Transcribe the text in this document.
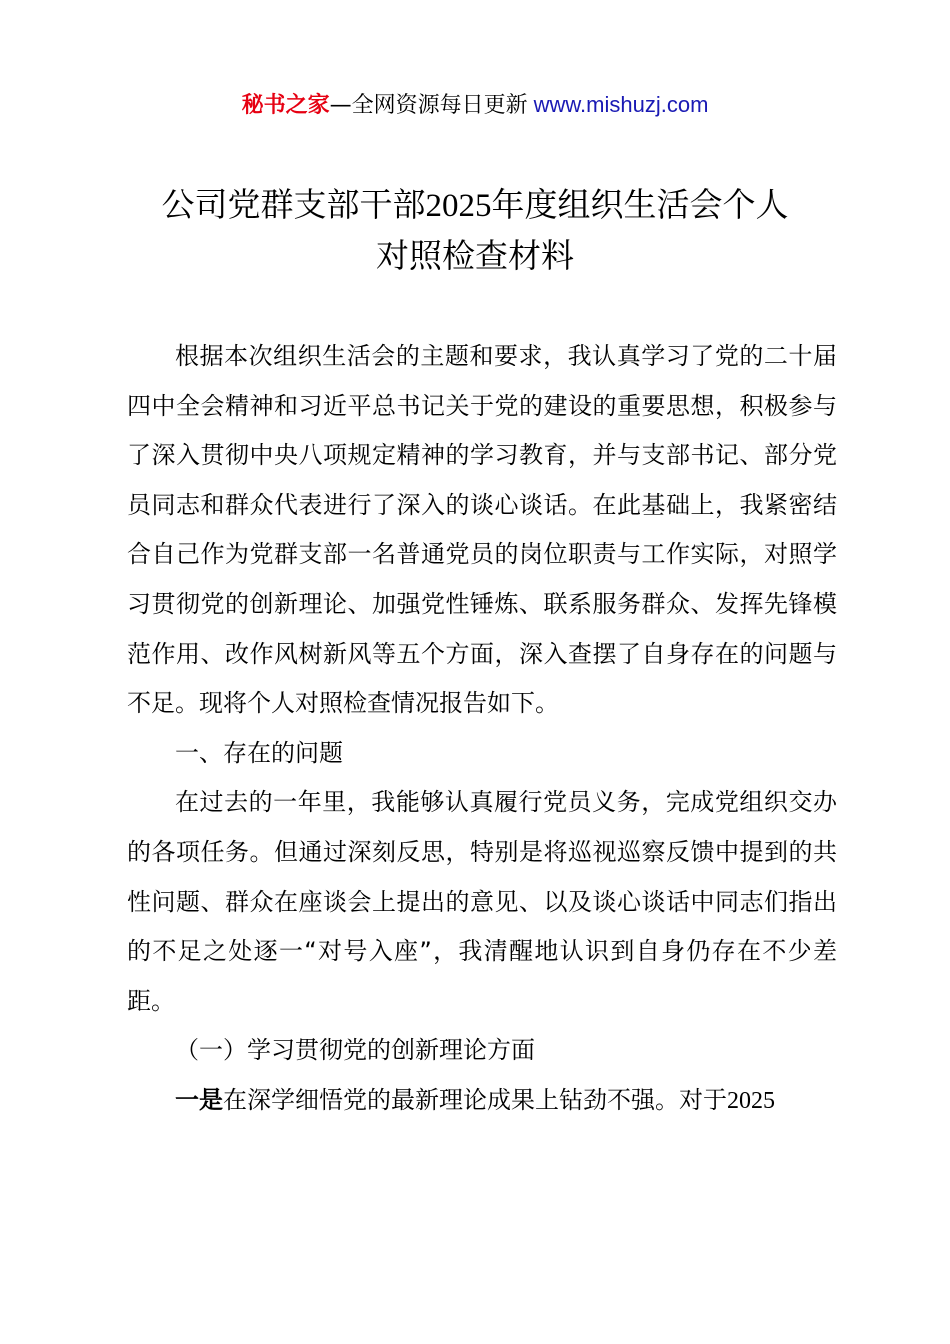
秘书之家—全网资源每日更新 www.mishuzj.com
公司党群支部干部2025年度组织生活会个人
对照检查材料

根据本次组织生活会的主题和要求，我认真学习了党的二十届四中全会精神和习近平总书记关于党的建设的重要思想，积极参与了深入贯彻中央八项规定精神的学习教育，并与支部书记、部分党员同志和群众代表进行了深入的谈心谈话。在此基础上，我紧密结合自己作为党群支部一名普通党员的岗位职责与工作实际，对照学习贯彻党的创新理论、加强党性锤炼、联系服务群众、发挥先锋模范作用、改作风树新风等五个方面，深入查摆了自身存在的问题与不足。现将个人对照检查情况报告如下。

一、存在的问题

在过去的一年里，我能够认真履行党员义务，完成党组织交办的各项任务。但通过深刻反思，特别是将巡视巡察反馈中提到的共性问题、群众在座谈会上提出的意见、以及谈心谈话中同志们指出的不足之处逐一“对号入座”，我清醒地认识到自身仍存在不少差距。

（一）学习贯彻党的创新理论方面

一是在深学细悟党的最新理论成果上钻劲不强。对于2025
